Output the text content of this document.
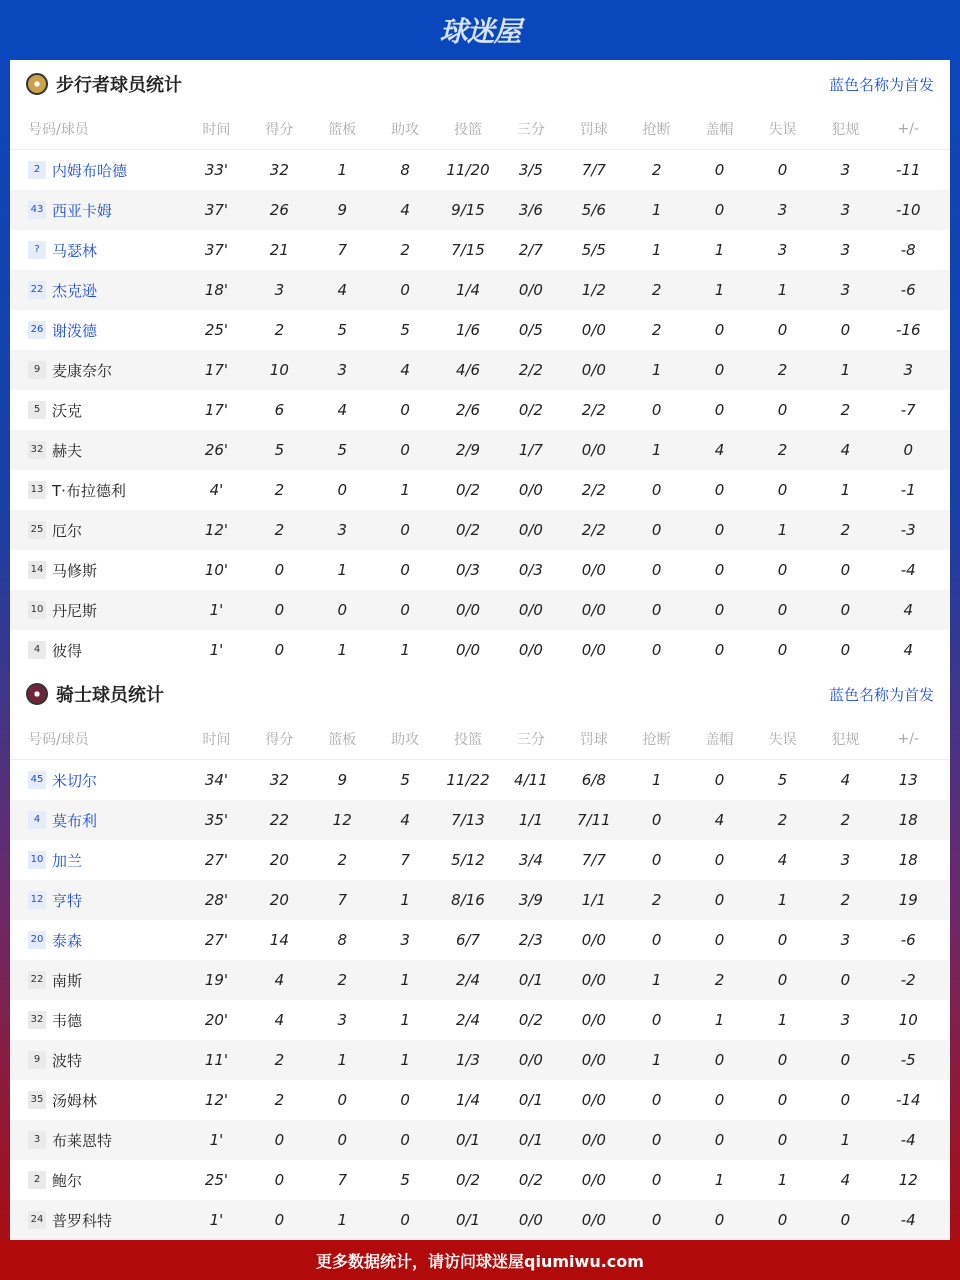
球迷屋
步行者球员统计	蓝色名称为首发
号码/球员	时间	得分	篮板	助攻	投篮	三分	罚球	抢断	盖帽	失误	犯规	+/-
2 内姆布哈德	33'	32	1	8	11/20	3/5	7/7	2	0	0	3	-11
43 西亚卡姆	37'	26	9	4	9/15	3/6	5/6	1	0	3	3	-10
? 马瑟林	37'	21	7	2	7/15	2/7	5/5	1	1	3	3	-8
22 杰克逊	18'	3	4	0	1/4	0/0	1/2	2	1	1	3	-6
26 谢泼德	25'	2	5	5	1/6	0/5	0/0	2	0	0	0	-16
9 麦康奈尔	17'	10	3	4	4/6	2/2	0/0	1	0	2	1	3
5 沃克	17'	6	4	0	2/6	0/2	2/2	0	0	0	2	-7
32 赫夫	26'	5	5	0	2/9	1/7	0/0	1	4	2	4	0
13 T·布拉德利	4'	2	0	1	0/2	0/0	2/2	0	0	0	1	-1
25 厄尔	12'	2	3	0	0/2	0/0	2/2	0	0	1	2	-3
14 马修斯	10'	0	1	0	0/3	0/3	0/0	0	0	0	0	-4
10 丹尼斯	1'	0	0	0	0/0	0/0	0/0	0	0	0	0	4
4 彼得	1'	0	1	1	0/0	0/0	0/0	0	0	0	0	4
骑士球员统计	蓝色名称为首发
号码/球员	时间	得分	篮板	助攻	投篮	三分	罚球	抢断	盖帽	失误	犯规	+/-
45 米切尔	34'	32	9	5	11/22	4/11	6/8	1	0	5	4	13
4 莫布利	35'	22	12	4	7/13	1/1	7/11	0	4	2	2	18
10 加兰	27'	20	2	7	5/12	3/4	7/7	0	0	4	3	18
12 亨特	28'	20	7	1	8/16	3/9	1/1	2	0	1	2	19
20 泰森	27'	14	8	3	6/7	2/3	0/0	0	0	0	3	-6
22 南斯	19'	4	2	1	2/4	0/1	0/0	1	2	0	0	-2
32 韦德	20'	4	3	1	2/4	0/2	0/0	0	1	1	3	10
9 波特	11'	2	1	1	1/3	0/0	0/0	1	0	0	0	-5
35 汤姆林	12'	2	0	0	1/4	0/1	0/0	0	0	0	0	-14
3 布莱恩特	1'	0	0	0	0/1	0/1	0/0	0	0	0	1	-4
2 鲍尔	25'	0	7	5	0/2	0/2	0/0	0	1	1	4	12
24 普罗科特	1'	0	1	0	0/1	0/0	0/0	0	0	0	0	-4
更多数据统计，请访问球迷屋qiumiwu.com
